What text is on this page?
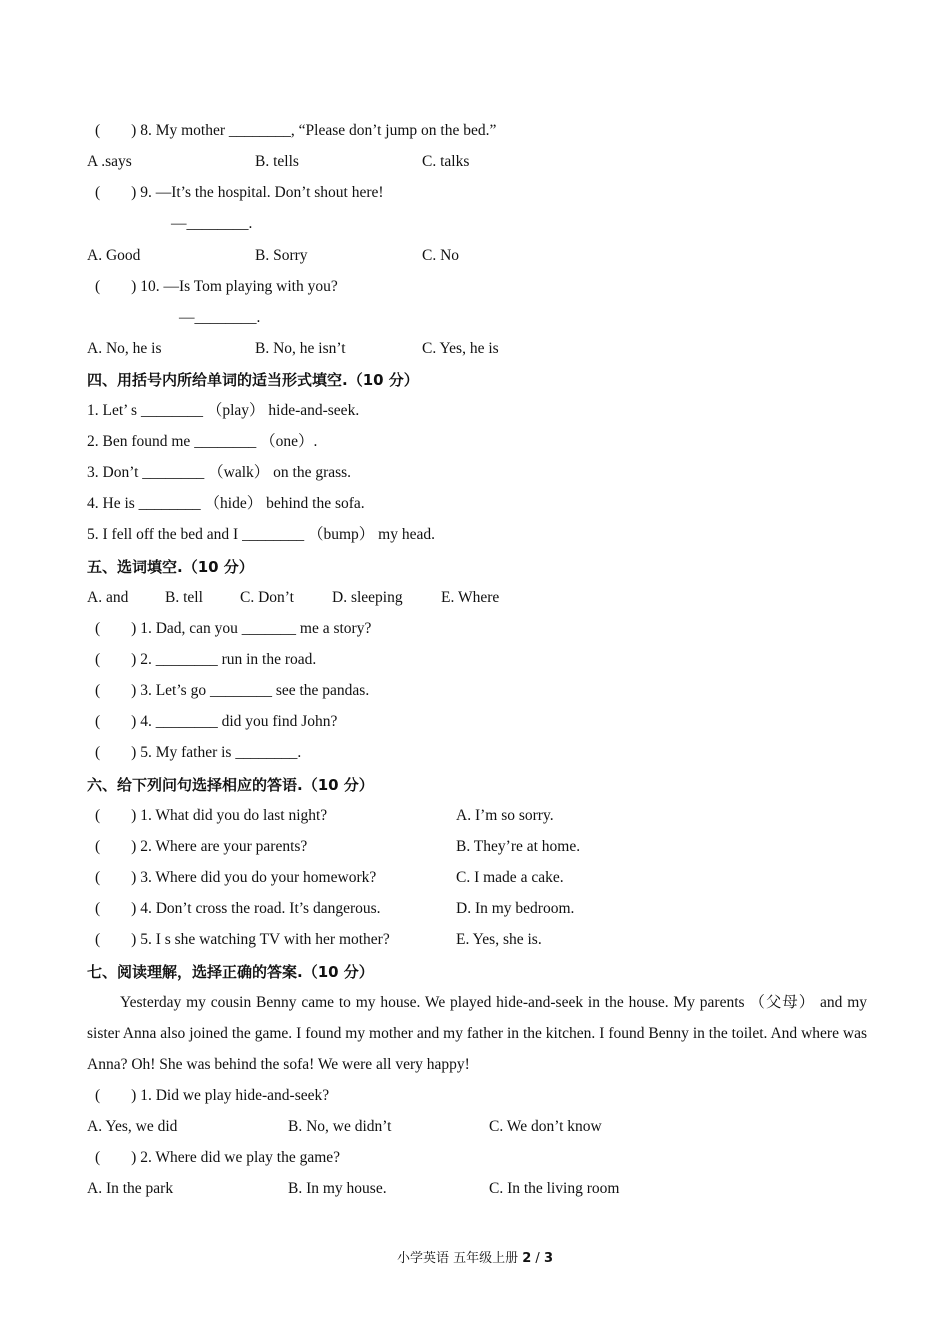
(　　) 8. My mother ________, “Please don’t jump on the bed.”
A .says	B. tells	C. talks
(　　) 9. —It’s the hospital. Don’t shout here!
—________.
A. Good	B. Sorry	C. No
(　　) 10. —Is Tom playing with you?
—________.
A. No, he is	B. No, he isn’t	C. Yes, he is
四、用括号内所给单词的适当形式填空.（10 分）
1. Let’ s ________ （play） hide-and-seek.
2. Ben found me ________ （one）.
3. Don’t ________ （walk） on the grass.
4. He is ________ （hide） behind the sofa.
5. I fell off the bed and I ________ （bump） my head.
五、选词填空.（10 分）
A. and B. tell C. Don’t D. sleeping E. Where
(　　) 1. Dad, can you _______ me a story?
(　　) 2. ________ run in the road.
(　　) 3. Let’s go ________ see the pandas.
(　　) 4. ________ did you find John?
(　　) 5. My father is ________.
六、给下列问句选择相应的答语.（10 分）
(　　) 1. What did you do last night?	A. I’m so sorry.
(　　) 2. Where are your parents?	B. They’re at home.
(　　) 3. Where did you do your homework?	C. I made a cake.
(　　) 4. Don’t cross the road. It’s dangerous.	D. In my bedroom.
(　　) 5. I s she watching TV with her mother?	E. Yes, she is.
七、阅读理解，选择正确的答案.（10 分）
Yesterday my cousin Benny came to my house. We played hide-and-seek in the house. My parents （父母） and my sister Anna also joined the game. I found my mother and my father in the kitchen. I found Benny in the toilet. And where was Anna? Oh! She was behind the sofa! We were all very happy!
(　　) 1. Did we play hide-and-seek?
A. Yes, we did	B. No, we didn’t	C. We don’t know
(　　) 2. Where did we play the game?
A. In the park	B. In my house.	C. In the living room
小学英语 五年级上册 2 / 3
